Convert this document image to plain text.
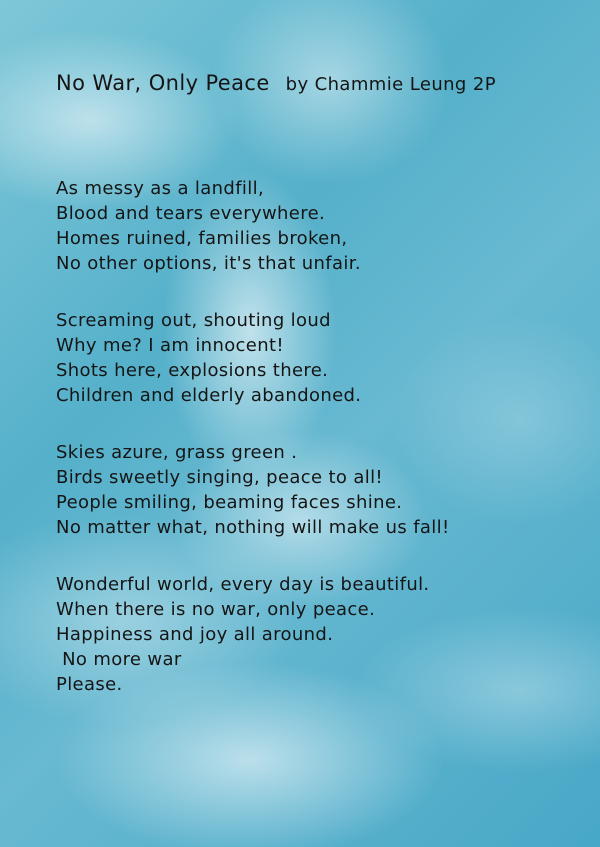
No War, Only Peace by Chammie Leung 2P
As messy as a landfill,
Blood and tears everywhere.
Homes ruined, families broken,
No other options, it's that unfair.
Screaming out, shouting loud
Why me? I am innocent!
Shots here, explosions there.
Children and elderly abandoned.
Skies azure, grass green .
Birds sweetly singing, peace to all!
People smiling, beaming faces shine.
No matter what, nothing will make us fall!
Wonderful world, every day is beautiful.
When there is no war, only peace.
Happiness and joy all around.
No more war
Please.
